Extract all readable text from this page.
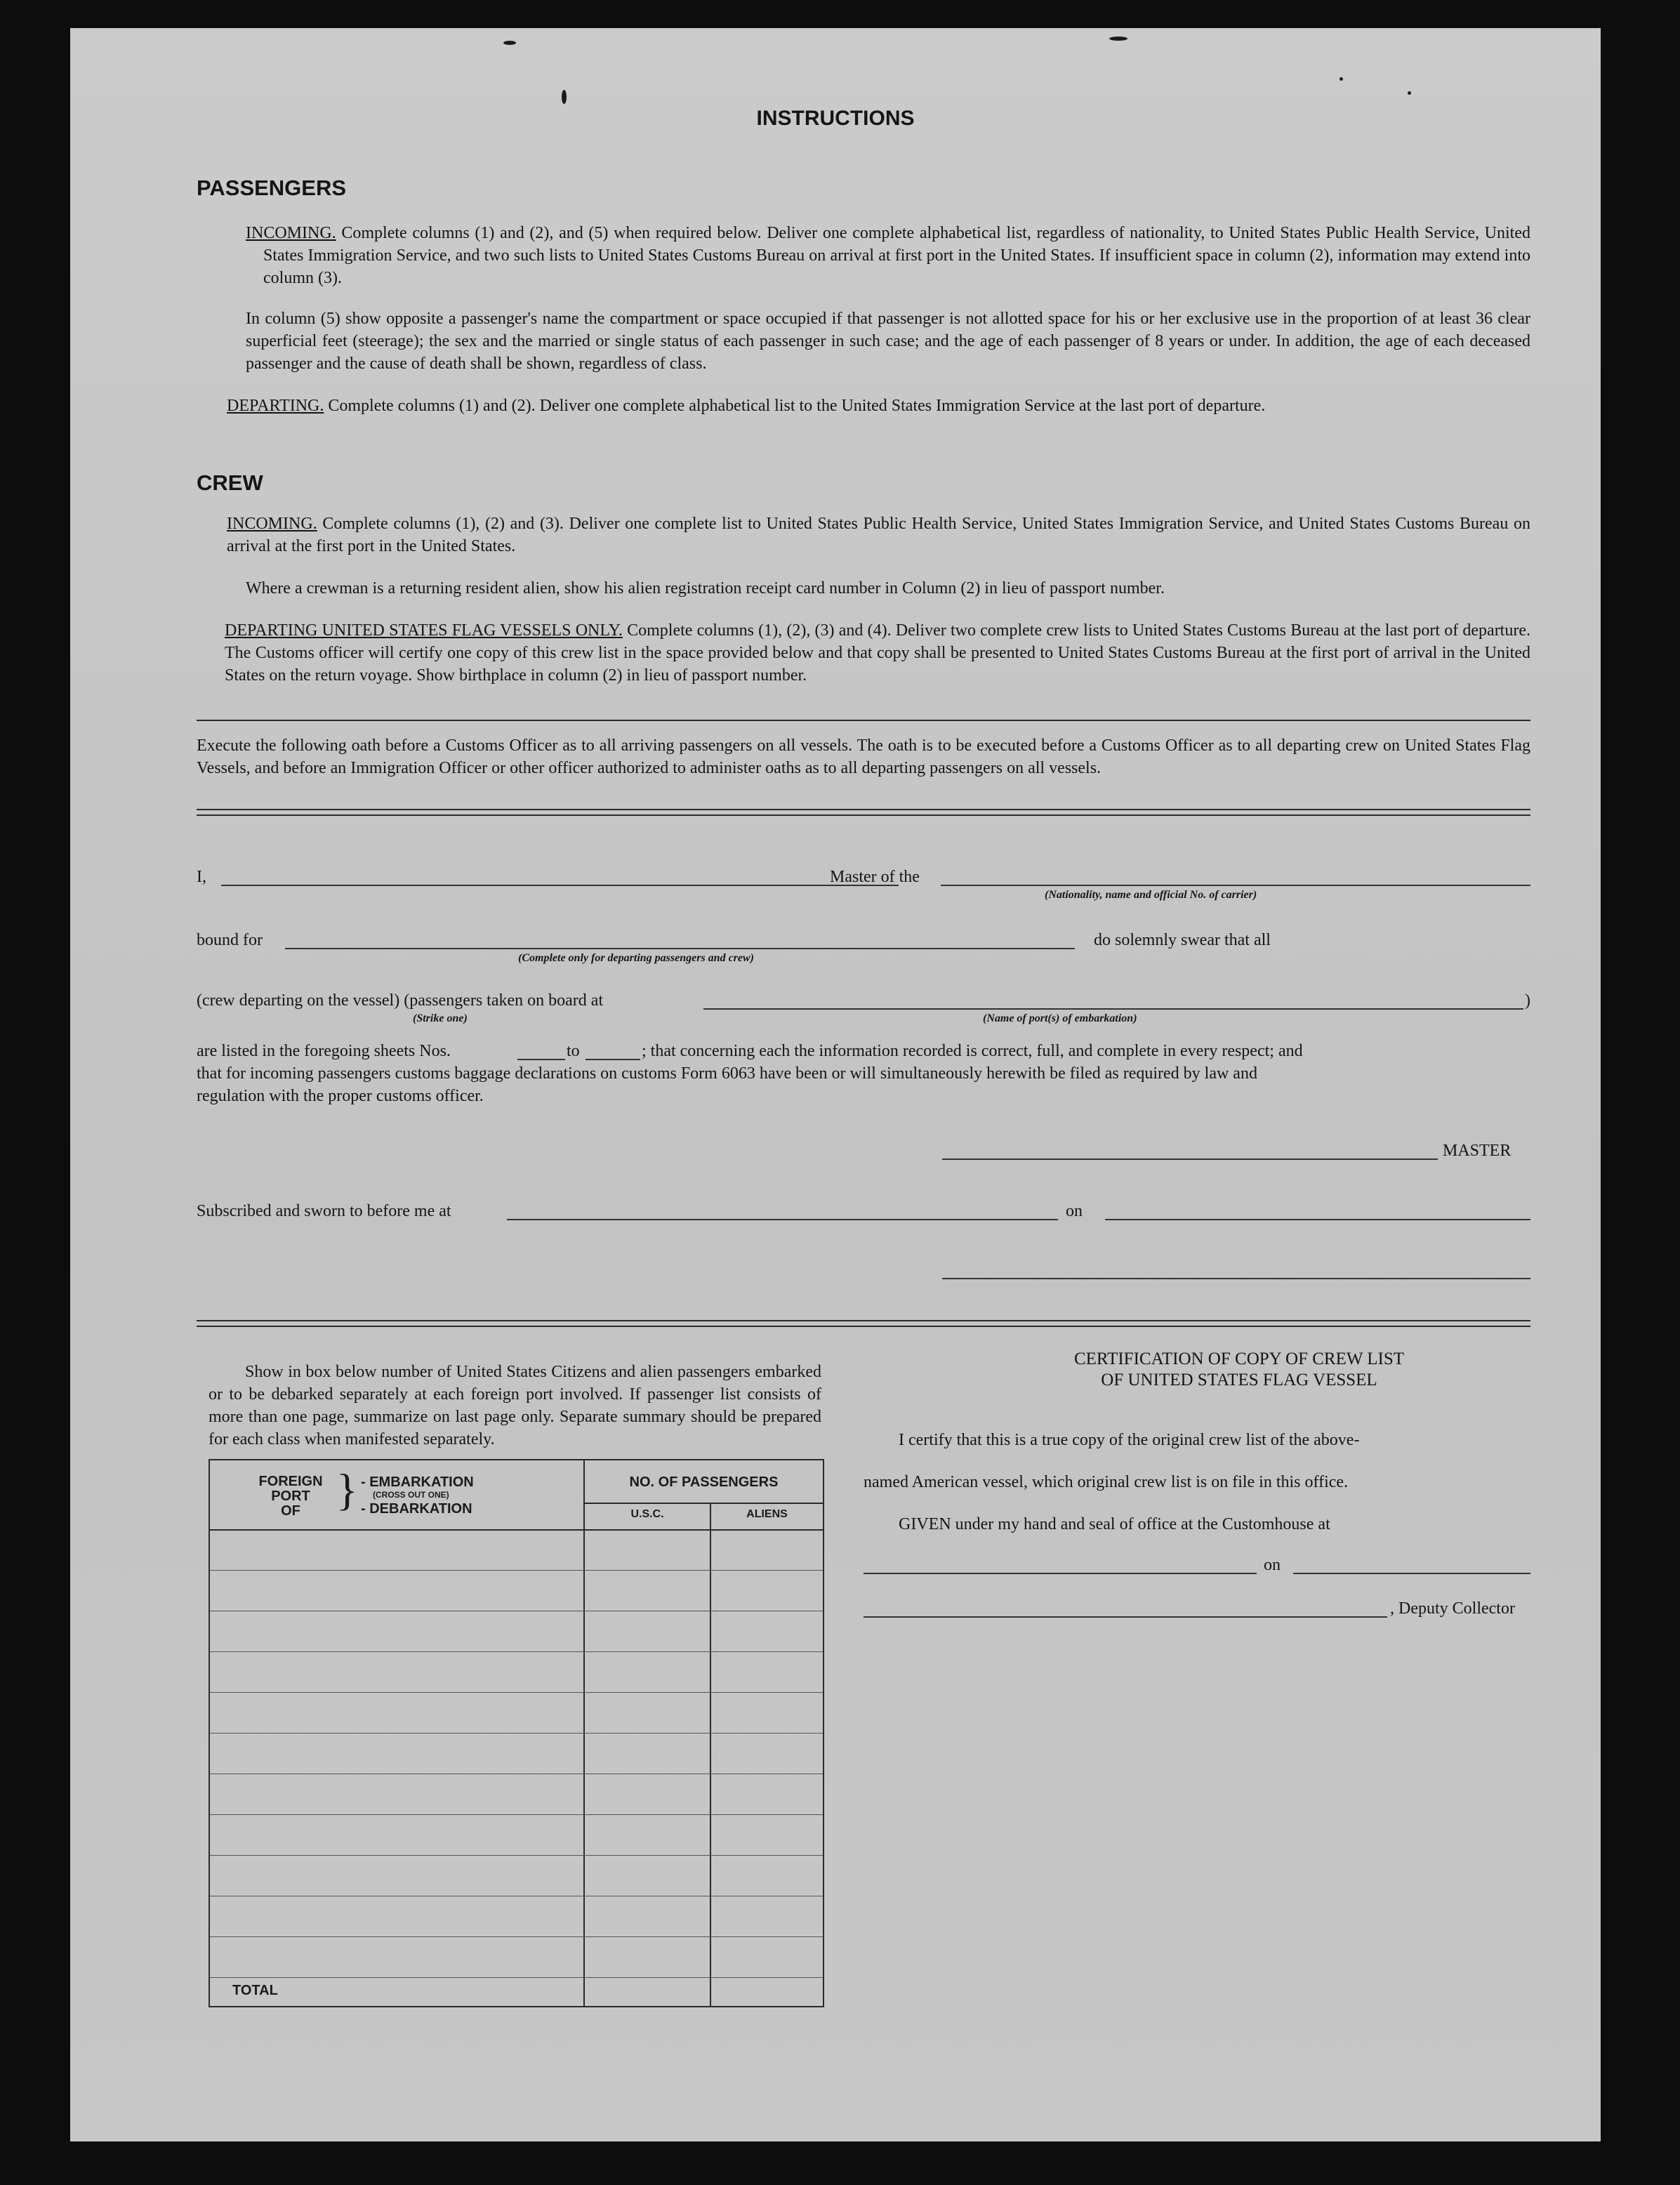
INSTRUCTIONS
PASSENGERS
INCOMING. Complete columns (1) and (2), and (5) when required below. Deliver one complete alphabetical list, regardless of nationality, to United States Public Health Service, United States Immigration Service, and two such lists to United States Customs Bureau on arrival at first port in the United States. If insufficient space in column (2), information may extend into column (3).
In column (5) show opposite a passenger's name the compartment or space occupied if that passenger is not allotted space for his or her exclusive use in the proportion of at least 36 clear superficial feet (steerage); the sex and the married or single status of each passenger in such case; and the age of each passenger of 8 years or under. In addition, the age of each deceased passenger and the cause of death shall be shown, regardless of class.
DEPARTING. Complete columns (1) and (2). Deliver one complete alphabetical list to the United States Immigration Service at the last port of departure.
CREW
INCOMING. Complete columns (1), (2) and (3). Deliver one complete list to United States Public Health Service, United States Immigration Service, and United States Customs Bureau on arrival at the first port in the United States.
Where a crewman is a returning resident alien, show his alien registration receipt card number in Column (2) in lieu of passport number.
DEPARTING UNITED STATES FLAG VESSELS ONLY. Complete columns (1), (2), (3) and (4). Deliver two complete crew lists to United States Customs Bureau at the last port of departure. The Customs officer will certify one copy of this crew list in the space provided below and that copy shall be presented to United States Customs Bureau at the first port of arrival in the United States on the return voyage. Show birthplace in column (2) in lieu of passport number.
Execute the following oath before a Customs Officer as to all arriving passengers on all vessels. The oath is to be executed before a Customs Officer as to all departing crew on United States Flag Vessels, and before an Immigration Officer or other officer authorized to administer oaths as to all departing passengers on all vessels.
I,	Master of the
(Nationality, name and official No. of carrier)
bound for	do solemnly swear that all
(Complete only for departing passengers and crew)
(crew departing on the vessel) (passengers taken on board at	)
(Strike one)	(Name of port(s) of embarkation)
are listed in the foregoing sheets Nos.	to	; that concerning each the information recorded is correct, full, and complete in every respect; and
that for incoming passengers customs baggage declarations on customs Form 6063 have been or will simultaneously herewith be filed as required by law and
regulation with the proper customs officer.
MASTER
Subscribed and sworn to before me at	on
Show in box below number of United States Citizens and alien passengers embarked or to be debarked separately at each foreign port involved. If passenger list consists of more than one page, summarize on last page only. Separate summary should be prepared for each class when manifested separately.
FOREIGN
PORT
OF } - EMBARKATION
(CROSS OUT ONE)
- DEBARKATION
NO. OF PASSENGERS
U.S.C.	ALIENS
TOTAL
CERTIFICATION OF COPY OF CREW LIST
OF UNITED STATES FLAG VESSEL
I certify that this is a true copy of the original crew list of the above-
named American vessel, which original crew list is on file in this office.
GIVEN under my hand and seal of office at the Customhouse at
on
, Deputy Collector
